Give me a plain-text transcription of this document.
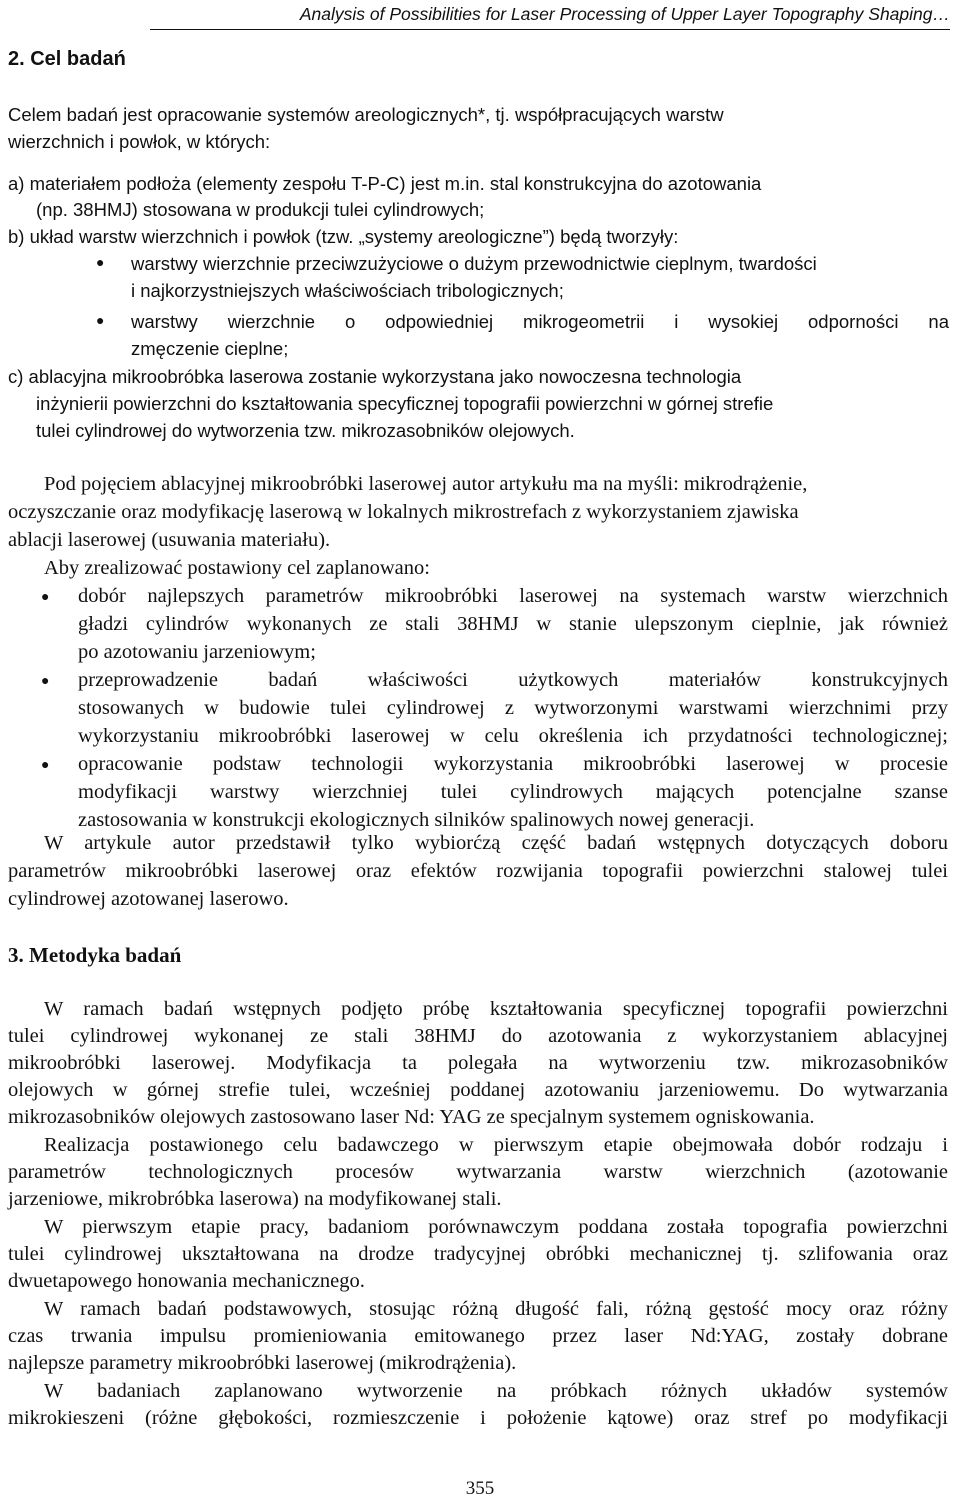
Analysis of Possibilities for Laser Processing of Upper Layer Topography Shaping…
2. Cel badań
Celem badań jest opracowanie systemów areologicznych*, tj. współpracujących warstw
wierzchnich i powłok, w których:
a) materiałem podłoża (elementy zespołu T-P-C) jest m.in. stal konstrukcyjna do azotowania
(np. 38HMJ) stosowana w produkcji tulei cylindrowych;
b) układ warstw wierzchnich i powłok (tzw. „systemy areologiczne”) będą tworzyły:
● warstwy wierzchnie przeciwzużyciowe o dużym przewodnictwie cieplnym, twardości
i najkorzystniejszych właściwościach tribologicznych;
● warstwy wierzchnie o odpowiedniej mikrogeometrii i wysokiej odporności na
zmęczenie cieplne;
c) ablacyjna mikroobróbka laserowa zostanie wykorzystana jako nowoczesna technologia
inżynierii powierzchni do kształtowania specyficznej topografii powierzchni w górnej strefie
tulei cylindrowej do wytworzenia tzw. mikrozasobników olejowych.
Pod pojęciem ablacyjnej mikroobróbki laserowej autor artykułu ma na myśli: mikrodrążenie,
oczyszczanie oraz modyfikację laserową w lokalnych mikrostrefach z wykorzystaniem zjawiska
ablacji laserowej (usuwania materiału).
Aby zrealizować postawiony cel zaplanowano:
● dobór najlepszych parametrów mikroobróbki laserowej na systemach warstw wierzchnich
gładzi cylindrów wykonanych ze stali 38HMJ w stanie ulepszonym cieplnie, jak również
po azotowaniu jarzeniowym;
● przeprowadzenie badań właściwości użytkowych materiałów konstrukcyjnych
stosowanych w budowie tulei cylindrowej z wytworzonymi warstwami wierzchnimi przy
wykorzystaniu mikroobróbki laserowej w celu określenia ich przydatności technologicznej;
● opracowanie podstaw technologii wykorzystania mikroobróbki laserowej w procesie
modyfikacji warstwy wierzchniej tulei cylindrowych mających potencjalne szanse
zastosowania w konstrukcji ekologicznych silników spalinowych nowej generacji.
W artykule autor przedstawił tylko wybiorćzą część badań wstępnych dotyczących doboru
parametrów mikroobróbki laserowej oraz efektów rozwijania topografii powierzchni stalowej tulei
cylindrowej azotowanej laserowo.
3. Metodyka badań
W ramach badań wstępnych podjęto próbę kształtowania specyficznej topografii powierzchni
tulei cylindrowej wykonanej ze stali 38HMJ do azotowania z wykorzystaniem ablacyjnej
mikroobróbki laserowej. Modyfikacja ta polegała na wytworzeniu tzw. mikrozasobników
olejowych w górnej strefie tulei, wcześniej poddanej azotowaniu jarzeniowemu. Do wytwarzania
mikrozasobników olejowych zastosowano laser Nd: YAG ze specjalnym systemem ogniskowania.
Realizacja postawionego celu badawczego w pierwszym etapie obejmowała dobór rodzaju i
parametrów technologicznych procesów wytwarzania warstw wierzchnich (azotowanie
jarzeniowe, mikrobróbka laserowa) na modyfikowanej stali.
W pierwszym etapie pracy, badaniom porównawczym poddana została topografia powierzchni
tulei cylindrowej ukształtowana na drodze tradycyjnej obróbki mechanicznej tj. szlifowania oraz
dwuetapowego honowania mechanicznego.
W ramach badań podstawowych, stosując różną długość fali, różną gęstość mocy oraz różny
czas trwania impulsu promieniowania emitowanego przez laser Nd:YAG, zostały dobrane
najlepsze parametry mikroobróbki laserowej (mikrodrążenia).
W badaniach zaplanowano wytworzenie na próbkach różnych układów systemów
mikrokieszeni (różne głębokości, rozmieszczenie i położenie kątowe) oraz stref po modyfikacji
355
